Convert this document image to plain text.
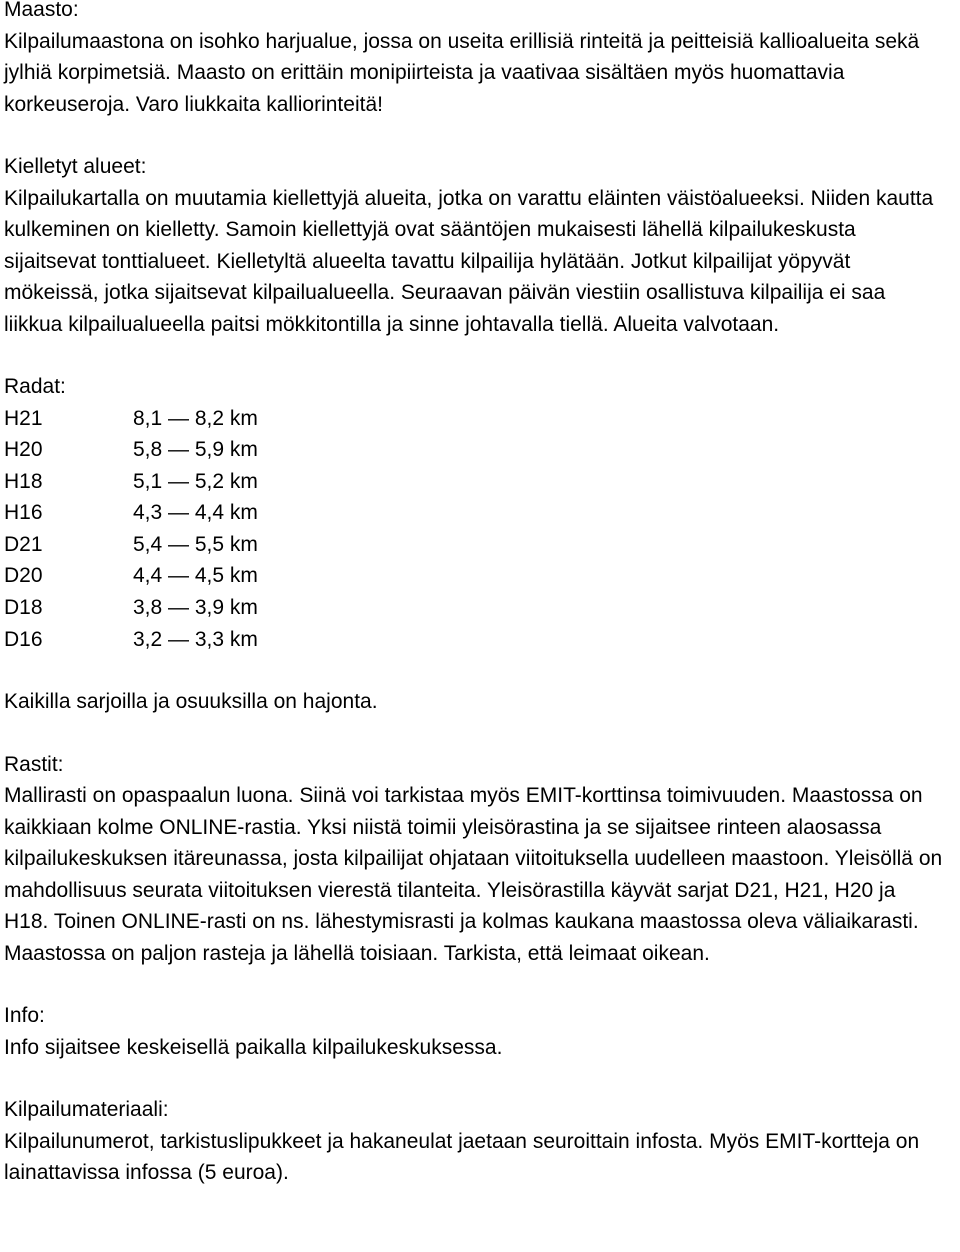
Maasto:

Kilpailumaastona on isohko harjualue, jossa on useita erillisiä rinteitä ja peitteisiä kallioalueita sekä jylhiä korpimetsiä. Maasto on erittäin monipiirteista ja vaativaa sisältäen myös huomattavia korkeuseroja. Varo liukkaita kalliorinteitä!

Kielletyt alueet:

Kilpailukartalla on muutamia kiellettyjä alueita, jotka on varattu eläinten väistöalueeksi. Niiden kautta kulkeminen on kielletty. Samoin kiellettyjä ovat sääntöjen mukaisesti lähellä kilpailukeskusta sijaitsevat tonttialueet. Kielletyltä alueelta tavattu kilpailija hylätään. Jotkut kilpailijat yöpyvät mökeissä, jotka sijaitsevat kilpailualueella. Seuraavan päivän viestiin osallistuva kilpailija ei saa liikkua kilpailualueella paitsi mökkitontilla ja sinne johtavalla tiellä. Alueita valvotaan.

Radat:

H21	8,1 — 8,2 km
H20	5,8 — 5,9 km
H18	5,1 — 5,2 km
H16	4,3 — 4,4 km
D21	5,4 — 5,5 km
D20	4,4 — 4,5 km
D18	3,8 — 3,9 km
D16	3,2 — 3,3 km

Kaikilla sarjoilla ja osuuksilla on hajonta.

Rastit:

Mallirasti on opaspaalun luona. Siinä voi tarkistaa myös EMIT-korttinsa toimivuuden. Maastossa on kaikkiaan kolme ONLINE-rastia. Yksi niistä toimii yleisörastina ja se sijaitsee rinteen alaosassa kilpailukeskuksen itäreunassa, josta kilpailijat ohjataan viitoituksella uudelleen maastoon. Yleisöllä on mahdollisuus seurata viitoituksen vierestä tilanteita. Yleisörastilla käyvät sarjat D21, H21, H20 ja H18. Toinen ONLINE-rasti on ns. lähestymisrasti ja kolmas kaukana maastossa oleva väliaikarasti. Maastossa on paljon rasteja ja lähellä toisiaan. Tarkista, että leimaat oikean.

Info:

Info sijaitsee keskeisellä paikalla kilpailukeskuksessa.

Kilpailumateriaali:

Kilpailunumerot, tarkistuslipukkeet ja hakaneulat jaetaan seuroittain infosta. Myös EMIT-kortteja on lainattavissa infossa (5 euroa).
